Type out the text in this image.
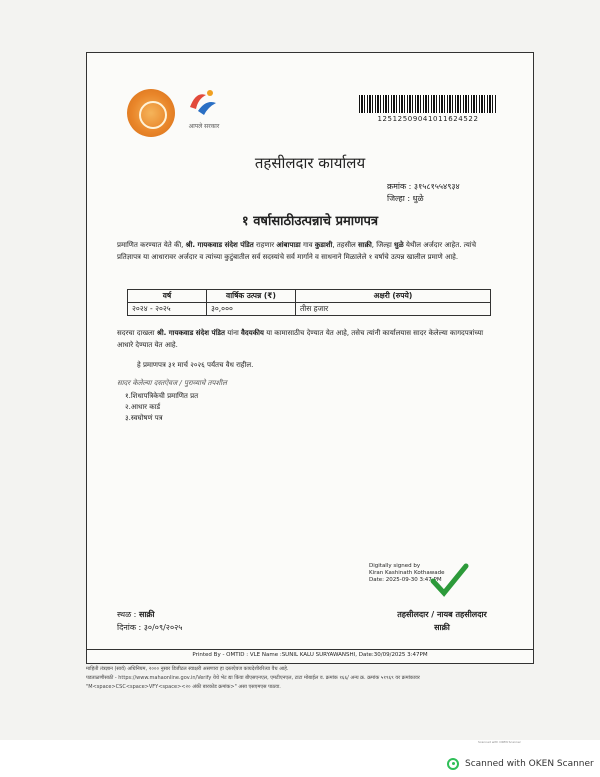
आपले सरकार
12512509041011624522
तहसीलदार कार्यालय
क्रमांक : ३१५८१५५४९३४
जिल्हा : धुळे
१ वर्षासाठीउत्पन्नाचे प्रमाणपत्र
प्रमाणित करण्यात येते की, श्री. गायकवाड संदेश पंडित राहणार आंबापाडा गाव कुडाशी, तहसील साक्री, जिल्हा धुळे येथील अर्जदार आहेत. त्यांचे प्रतिज्ञापत्र या आधारावर अर्जदार व त्यांच्या कुटुंबातील सर्व सदस्यांचे सर्व मार्गाने व साधनाने मिळालेले १ वर्षाचे उत्पन्न खालील प्रमाणे आहे.
वर्ष	वार्षिक उत्पन्न (₹)	अक्षरी (रुपये)
२०२४ - २०२५	३०,०००	तीस हजार
सदरचा दाखला श्री. गायकवाड संदेश पंडित यांना वैदयकीय या कामासाठीच देण्यात येत आहे, तसेच त्यांनी कार्यालयास सादर केलेल्या कागदपत्रांच्या आधारे देण्यात येत आहे.
हे प्रमाणपत्र ३१ मार्च २०२६ पर्यंतच वैध राहील.
सादर केलेल्या दस्तऐवज / पुराव्याचे तपशील
१.शिधापत्रिकेची प्रमाणित प्रत
२.आधार कार्ड
३.स्वघोषणं पत्र
Digitally signed by
Kiran Kashinath Kothawade
Date: 2025-09-30 3:47 PM
स्थळ : साक्री
दिनांक : ३०/०९/२०२५
तहसीलदार / नायब तहसीलदार
साक्री
Printed By - OMTID : VLE Name :SUNIL KALU SURYAWANSHI, Date:30/09/2025 3:47PM
माहिती तंत्रज्ञान (सार्व) अधिनियम, २००० नुसार डिजीटल स्वाक्षरी असणारा हा दस्तऐवज कायदेशीररित्या वैध आहे.
पडताळणीसाठी - https://www.mahaonline.gov.in/Verify येथे भेट द्या किंवा बीएसएनएल, एमटीएनएल, टाटा मोबाईल व. क्रमांक १६६/ अन्य क्र. क्रमांक ५१९६९ वर क्रमांकावर
"M<space>CSC<space>VFY<space><२० अंकी बारकोड क्रमांक>" असा एसएमएस पाठवा.
Scanned with OKEN Scanner
Scanned with OKEN Scanner
